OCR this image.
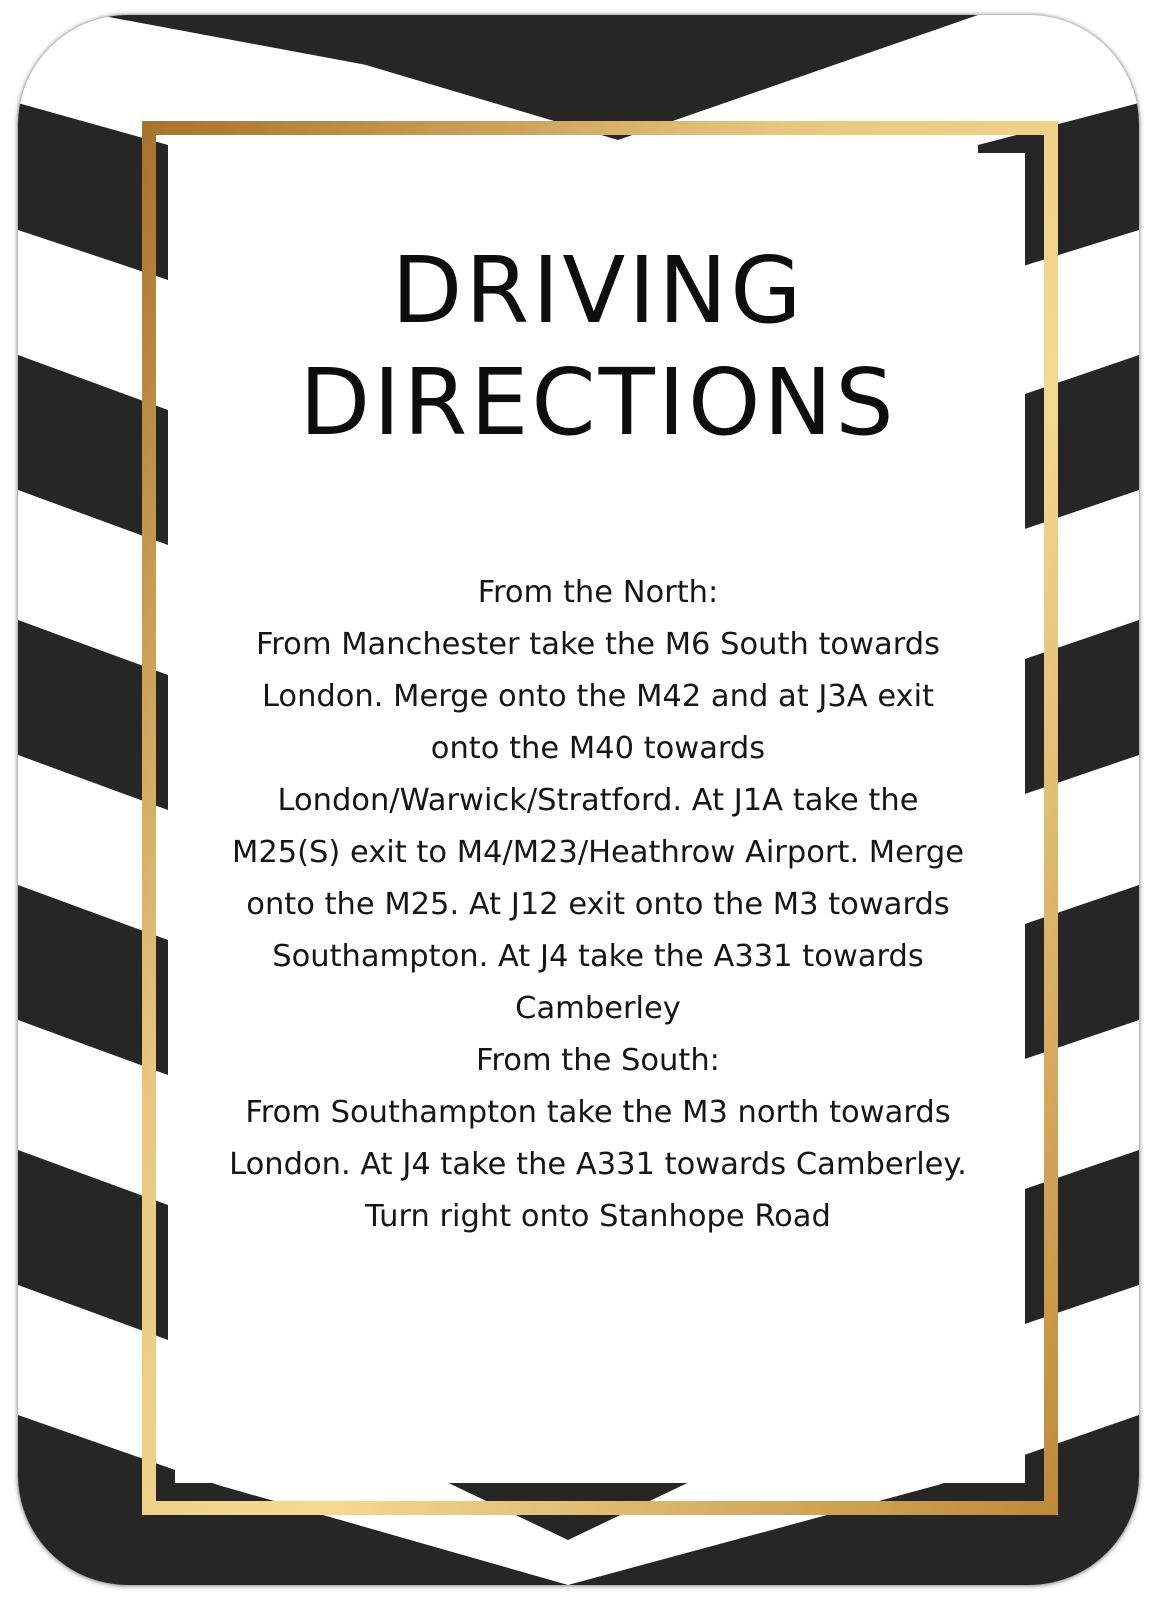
DRIVING
DIRECTIONS

From the North:

From Manchester take the M6 South towards London. Merge onto the M42 and at J3A exit onto the M40 towards London/Warwick/Stratford. At J1A take the M25(S) exit to M4/M23/Heathrow Airport. Merge onto the M25. At J12 exit onto the M3 towards Southampton. At J4 take the A331 towards Camberley

From the South:

From Southampton take the M3 north towards London. At J4 take the A331 towards Camberley. Turn right onto Stanhope Road
